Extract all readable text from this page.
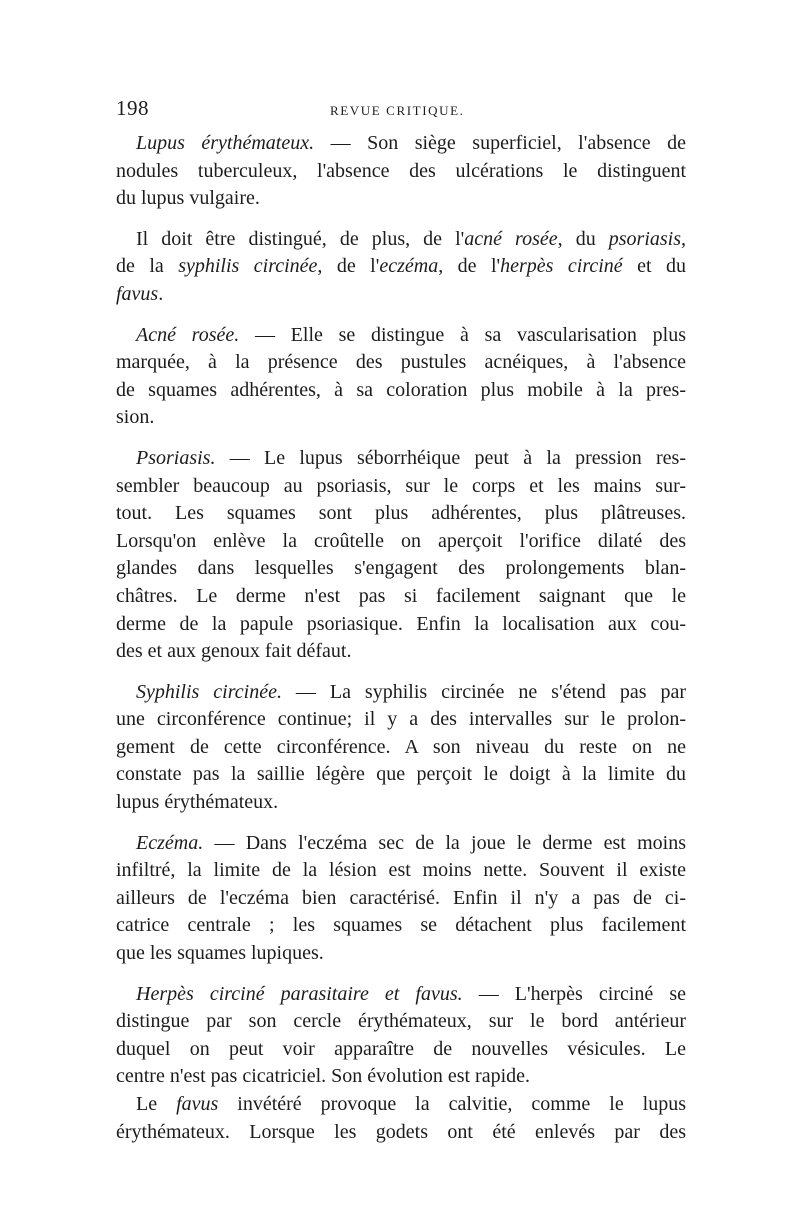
198	REVUE CRITIQUE.

Lupus érythémateux. — Son siège superficiel, l'absence de
nodules tuberculeux, l'absence des ulcérations le distinguent
du lupus vulgaire.

Il doit être distingué, de plus, de l'acné rosée, du psoriasis,
de la syphilis circinée, de l'eczéma, de l'herpès circiné et du
favus.

Acné rosée. — Elle se distingue à sa vascularisation plus
marquée, à la présence des pustules acnéiques, à l'absence
de squames adhérentes, à sa coloration plus mobile à la pres-
sion.

Psoriasis. — Le lupus séborrhéique peut à la pression res-
sembler beaucoup au psoriasis, sur le corps et les mains sur-
tout. Les squames sont plus adhérentes, plus plâtreuses.
Lorsqu'on enlève la croûtelle on aperçoit l'orifice dilaté des
glandes dans lesquelles s'engagent des prolongements blan-
châtres. Le derme n'est pas si facilement saignant que le
derme de la papule psoriasique. Enfin la localisation aux cou-
des et aux genoux fait défaut.

Syphilis circinée. — La syphilis circinée ne s'étend pas par
une circonférence continue; il y a des intervalles sur le prolon-
gement de cette circonférence. A son niveau du reste on ne
constate pas la saillie légère que perçoit le doigt à la limite du
lupus érythémateux.

Eczéma. — Dans l'eczéma sec de la joue le derme est moins
infiltré, la limite de la lésion est moins nette. Souvent il existe
ailleurs de l'eczéma bien caractérisé. Enfin il n'y a pas de ci-
catrice centrale ; les squames se détachent plus facilement
que les squames lupiques.

Herpès circiné parasitaire et favus. — L'herpès circiné se
distingue par son cercle érythémateux, sur le bord antérieur
duquel on peut voir apparaître de nouvelles vésicules. Le
centre n'est pas cicatriciel. Son évolution est rapide.

Le favus invétéré provoque la calvitie, comme le lupus
érythémateux. Lorsque les godets ont été enlevés par des
